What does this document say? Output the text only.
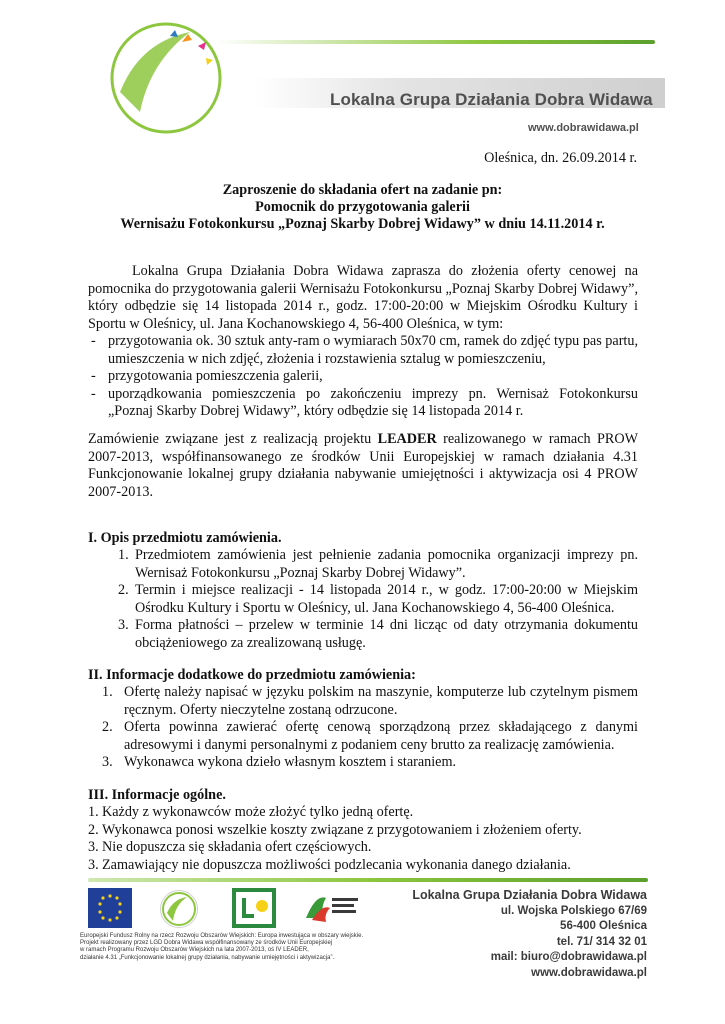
Lokalna Grupa Działania Dobra Widawa
www.dobrawidawa.pl
Oleśnica, dn. 26.09.2014 r.
Zaproszenie do składania ofert na zadanie pn:
Pomocnik do przygotowania galerii
Wernisażu Fotokonkursu „Poznaj Skarby Dobrej Widawy” w dniu 14.11.2014 r.
Lokalna Grupa Działania Dobra Widawa zaprasza do złożenia oferty cenowej na pomocnika do przygotowania galerii Wernisażu Fotokonkursu „Poznaj Skarby Dobrej Widawy”, który odbędzie się 14 listopada 2014 r., godz. 17:00-20:00 w Miejskim Ośrodku Kultury i Sportu w Oleśnicy, ul. Jana Kochanowskiego 4, 56-400 Oleśnica, w tym:
- przygotowania ok. 30 sztuk anty-ram o wymiarach 50x70 cm, ramek do zdjęć typu pas partu, umieszczenia w nich zdjęć, złożenia i rozstawienia sztalug w pomieszczeniu,
- przygotowania pomieszczenia galerii,
- uporządkowania pomieszczenia po zakończeniu imprezy pn. Wernisaż Fotokonkursu „Poznaj Skarby Dobrej Widawy”, który odbędzie się 14 listopada 2014 r.
Zamówienie związane jest z realizacją projektu LEADER realizowanego w ramach PROW 2007-2013, współfinansowanego ze środków Unii Europejskiej w ramach działania 4.31 Funkcjonowanie lokalnej grupy działania nabywanie umiejętności i aktywizacja osi 4 PROW 2007-2013.
I. Opis przedmiotu zamówienia.
1. Przedmiotem zamówienia jest pełnienie zadania pomocnika organizacji imprezy pn. Wernisaż Fotokonkursu „Poznaj Skarby Dobrej Widawy”.
2. Termin i miejsce realizacji - 14 listopada 2014 r., w godz. 17:00-20:00 w Miejskim Ośrodku Kultury i Sportu w Oleśnicy, ul. Jana Kochanowskiego 4, 56-400 Oleśnica.
3. Forma płatności – przelew w terminie 14 dni licząc od daty otrzymania dokumentu obciążeniowego za zrealizowaną usługę.
II. Informacje dodatkowe do przedmiotu zamówienia:
1. Ofertę należy napisać w języku polskim na maszynie, komputerze lub czytelnym pismem ręcznym. Oferty nieczytelne zostaną odrzucone.
2. Oferta powinna zawierać ofertę cenową sporządzoną przez składającego z danymi adresowymi i danymi personalnymi z podaniem ceny brutto za realizację zamówienia.
3. Wykonawca wykona dzieło własnym kosztem i staraniem.
III. Informacje ogólne.
1. Każdy z wykonawców może złożyć tylko jedną ofertę.
2. Wykonawca ponosi wszelkie koszty związane z przygotowaniem i złożeniem oferty.
3. Nie dopuszcza się składania ofert częściowych.
3. Zamawiający nie dopuszcza możliwości podzlecania wykonania danego działania.
Europejski Fundusz Rolny na rzecz Rozwoju Obszarów Wiejskich: Europa inwestująca w obszary wiejskie.
Projekt realizowany przez LGD Dobra Widawa współfinansowany ze środków Unii Europejskiej
w ramach Programu Rozwoju Obszarów Wiejskich na lata 2007-2013, oś IV LEADER,
działanie 4.31 „Funkcjonowanie lokalnej grupy działania, nabywanie umiejętności i aktywizacja”.
Lokalna Grupa Działania Dobra Widawa
ul. Wojska Polskiego 67/69
56-400 Oleśnica
tel. 71/ 314 32 01
mail: biuro@dobrawidawa.pl
www.dobrawidawa.pl
